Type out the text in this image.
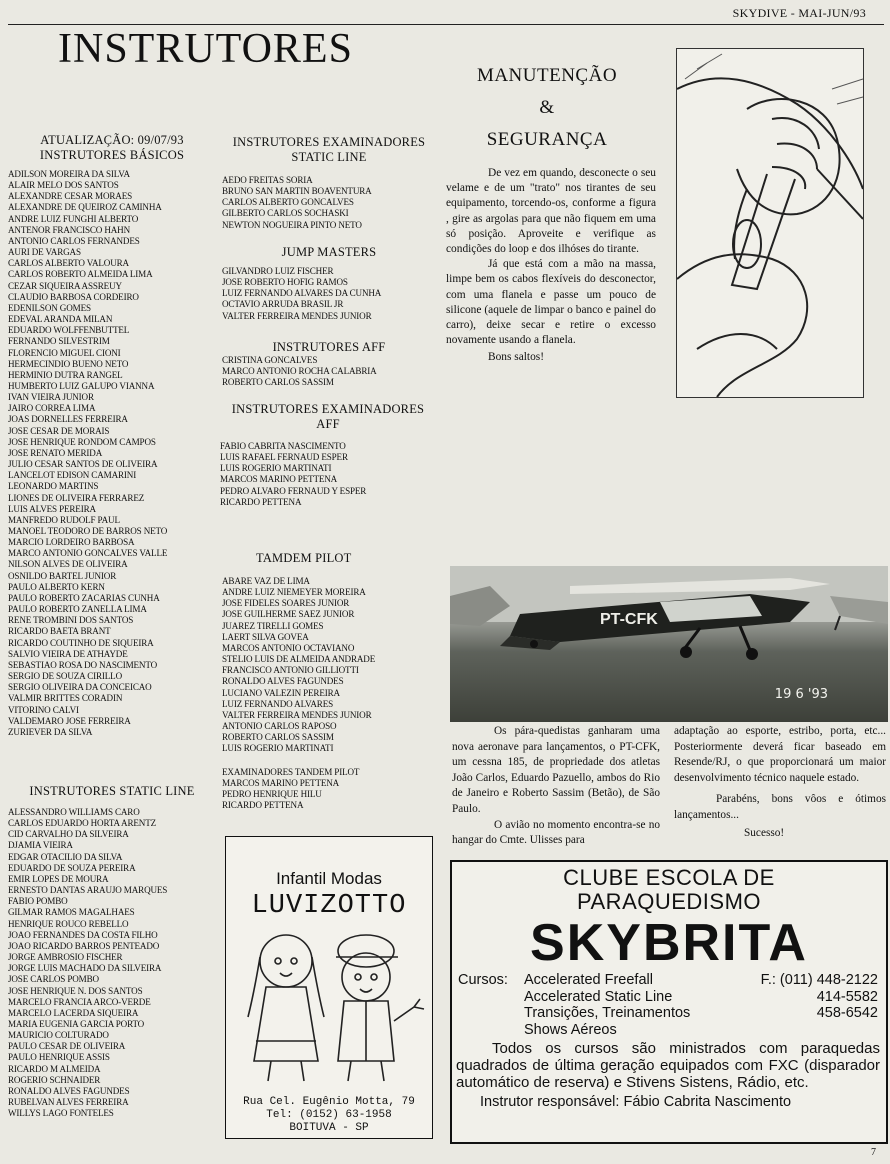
SKYDIVE - MAI-JUN/93
INSTRUTORES

ATUALIZAÇÃO: 09/07/93

INSTRUTORES BÁSICOS

ADILSON MOREIRA DA SILVA
ALAIR MELO DOS SANTOS
ALEXANDRE CESAR MORAES
ALEXANDRE DE QUEIROZ CAMINHA
ANDRE LUIZ FUNGHI ALBERTO
ANTENOR FRANCISCO HAHN
ANTONIO CARLOS FERNANDES
AURI DE VARGAS
CARLOS ALBERTO VALOURA
CARLOS ROBERTO ALMEIDA LIMA
CEZAR SIQUEIRA ASSREUY
CLAUDIO BARBOSA CORDEIRO
EDENILSON GOMES
EDEVAL ARANDA MILAN
EDUARDO WOLFFENBUTTEL
FERNANDO SILVESTRIM
FLORENCIO MIGUEL CIONI
HERMECINDIO BUENO NETO
HERMINIO DUTRA RANGEL
HUMBERTO LUIZ GALUPO VIANNA
IVAN VIEIRA JUNIOR
JAIRO CORREA LIMA
JOAS DORNELLES FERREIRA
JOSE CESAR DE MORAIS
JOSE HENRIQUE RONDOM CAMPOS
JOSE RENATO MERIDA
JULIO CESAR SANTOS DE OLIVEIRA
LANCELOT EDISON CAMARINI
LEONARDO MARTINS
LIONES DE OLIVEIRA FERRAREZ
LUIS ALVES PEREIRA
MANFREDO RUDOLF PAUL
MANOEL TEODORO DE BARROS NETO
MARCIO LORDEIRO BARBOSA
MARCO ANTONIO GONCALVES VALLE
NILSON ALVES DE OLIVEIRA
OSNILDO BARTEL JUNIOR
PAULO ALBERTO KERN
PAULO ROBERTO ZACARIAS CUNHA
PAULO ROBERTO ZANELLA LIMA
RENE TROMBINI DOS SANTOS
RICARDO BAETA BRANT
RICARDO COUTINHO DE SIQUEIRA
SALVIO VIEIRA DE ATHAYDE
SEBASTIAO ROSA DO NASCIMENTO
SERGIO DE SOUZA CIRILLO
SERGIO OLIVEIRA DA CONCEICAO
VALMIR BRITTES CORADIN
VITORINO CALVI
VALDEMARO JOSE FERREIRA
ZURIEVER DA SILVA

INSTRUTORES STATIC LINE

ALESSANDRO WILLIAMS CARO
CARLOS EDUARDO HORTA ARENTZ
CID CARVALHO DA SILVEIRA
DJAMIA VIEIRA
EDGAR OTACILIO DA SILVA
EDUARDO DE SOUZA PEREIRA
EMIR LOPES DE MOURA
ERNESTO DANTAS ARAUJO MARQUES
FABIO POMBO
GILMAR RAMOS MAGALHAES
HENRIQUE ROUCO REBELLO
JOAO FERNANDES DA COSTA FILHO
JOAO RICARDO BARROS PENTEADO
JORGE AMBROSIO FISCHER
JORGE LUIS MACHADO DA SILVEIRA
JOSE CARLOS POMBO
JOSE HENRIQUE N. DOS SANTOS
MARCELO FRANCIA ARCO-VERDE
MARCELO LACERDA SIQUEIRA
MARIA EUGENIA GARCIA PORTO
MAURICIO COLTURADO
PAULO CESAR DE OLIVEIRA
PAULO HENRIQUE ASSIS
RICARDO M ALMEIDA
ROGERIO SCHNAIDER
RONALDO ALVES FAGUNDES
RUBELVAN ALVES FERREIRA
WILLYS LAGO FONTELES

INSTRUTORES EXAMINADORES

STATIC LINE

AEDO FREITAS SORIA
BRUNO SAN MARTIN BOAVENTURA
CARLOS ALBERTO GONCALVES
GILBERTO CARLOS SOCHASKI
NEWTON NOGUEIRA PINTO NETO

JUMP MASTERS

GILVANDRO LUIZ FISCHER
JOSE ROBERTO HOFIG RAMOS
LUIZ FERNANDO ALVARES DA CUNHA
OCTAVIO ARRUDA BRASIL JR
VALTER FERREIRA MENDES JUNIOR

INSTRUTORES AFF

CRISTINA GONCALVES
MARCO ANTONIO ROCHA CALABRIA
ROBERTO CARLOS SASSIM

INSTRUTORES EXAMINADORES

AFF

FABIO CABRITA NASCIMENTO
LUIS RAFAEL FERNAUD ESPER
LUIS ROGERIO MARTINATI
MARCOS MARINO PETTENA
PEDRO ALVARO FERNAUD Y ESPER
RICARDO PETTENA

TAMDEM PILOT

ABARE VAZ DE LIMA
ANDRE LUIZ NIEMEYER MOREIRA
JOSE FIDELES SOARES JUNIOR
JOSE GUILHERME SAEZ JUNIOR
JUAREZ TIRELLI GOMES
LAERT SILVA GOVEA
MARCOS ANTONIO OCTAVIANO
STELIO LUIS DE ALMEIDA ANDRADE
FRANCISCO ANTONIO GILLIOTTI
RONALDO ALVES FAGUNDES
LUCIANO VALEZIN PEREIRA
LUIZ FERNANDO ALVARES
VALTER FERREIRA MENDES JUNIOR
ANTONIO CARLOS RAPOSO
ROBERTO CARLOS SASSIM
LUIS ROGERIO MARTINATI
EXAMINADORES TANDEM PILOT
MARCOS MARINO PETTENA
PEDRO HENRIQUE HILU
RICARDO PETTENA
MANUTENÇÃO
&
SEGURANÇA

De vez em quando, desconecte o seu velame e de um "trato" nos tirantes de seu equipamento, torcendo-os, conforme a figura , gire as argolas para que não fiquem em uma só posição. Aproveite e verifique as condições do loop e dos ilhóses do tirante.

Já que está com a mão na massa, limpe bem os cabos flexíveis do desconector, com uma flanela e passe um pouco de silicone (aquele de limpar o banco e painel do carro), deixe secar e retire o excesso novamente usando a flanela.

Bons saltos!

PT-CFK
19 6 '93

Os pára-quedistas ganharam uma nova aeronave para lançamentos, o PT-CFK, um cessna 185, de propriedade dos atletas João Carlos, Eduardo Pazuello, ambos do Rio de Janeiro e Roberto Sassim (Betão), de São Paulo.

O avião no momento encontra-se no hangar do Cmte. Ulisses para

adaptação ao esporte, estribo, porta, etc... Posteriormente deverá ficar baseado em Resende/RJ, o que proporcionará um maior desenvolvimento técnico naquele estado.

Parabéns, bons vôos e ótimos lançamentos...

Sucesso!

Infantil Modas
LUVIZOTTO
Rua Cel. Eugênio Motta, 79
Tel: (0152) 63-1958
BOITUVA - SP
CLUBE ESCOLA DE
PARAQUEDISMO
SKYBRITA
Cursos: Accelerated Freefall
Accelerated Static Line
Transições, Treinamentos
Shows Aéreos
F.: (011) 448-2122
414-5582
458-6542
Todos os cursos são ministrados com paraquedas quadrados de última geração equipados com FXC (disparador automático de reserva) e Stivens Sistens, Rádio, etc.
Instrutor responsável: Fábio Cabrita Nascimento
7
